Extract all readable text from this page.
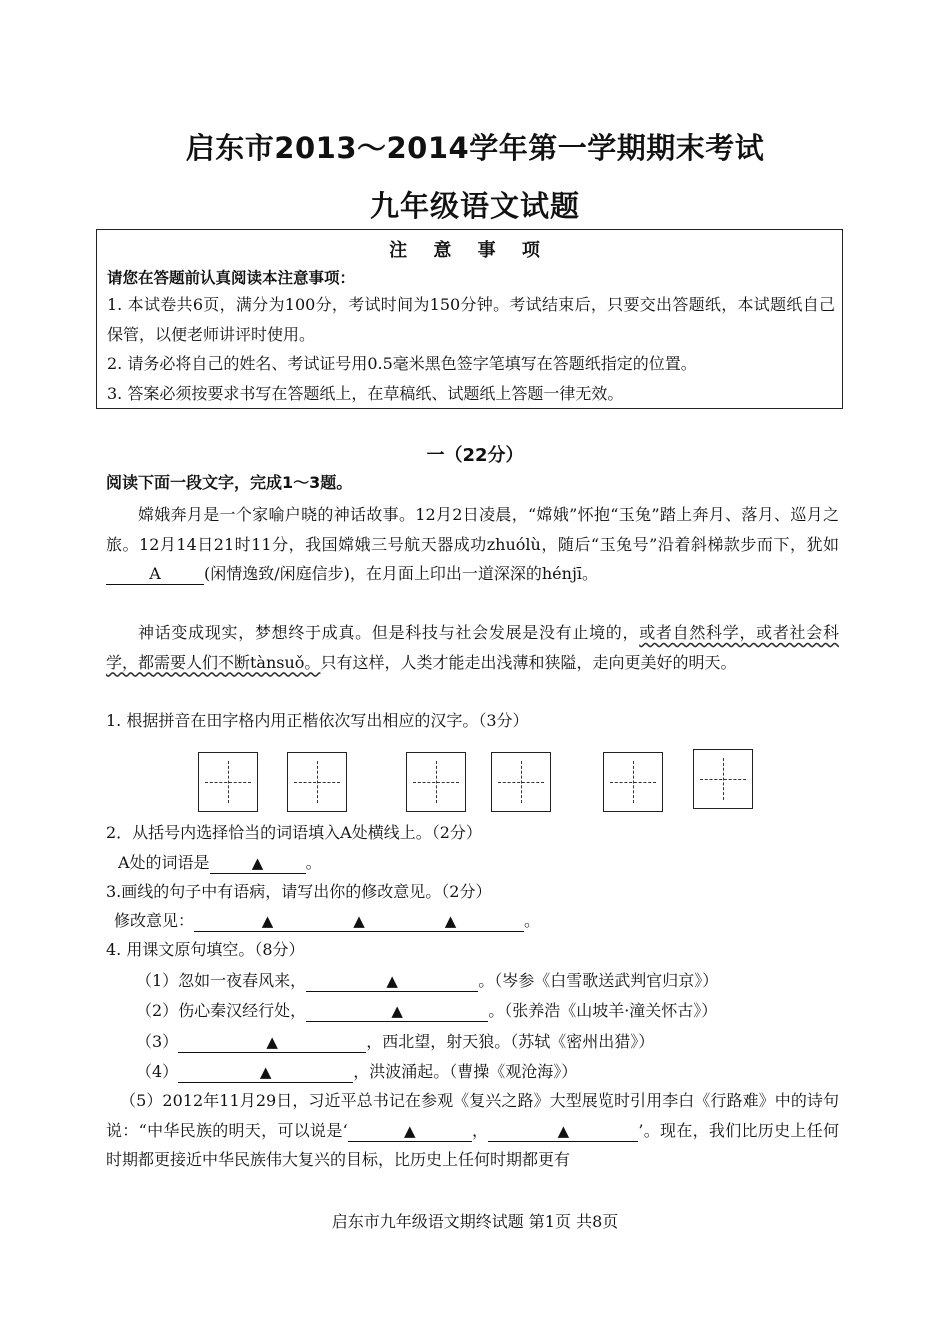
启东市2013～2014学年第一学期期末考试
九年级语文试题
注 意 事 项
请您在答题前认真阅读本注意事项：
1. 本试卷共6页，满分为100分，考试时间为150分钟。考试结束后，只要交出答题纸，本试题纸自己保管，以便老师讲评时使用。
2. 请务必将自己的姓名、考试证号用0.5毫米黑色签字笔填写在答题纸指定的位置。
3. 答案必须按要求书写在答题纸上，在草稿纸、试题纸上答题一律无效。
一（22分）
阅读下面一段文字，完成1～3题。
嫦娥奔月是一个家喻户晓的神话故事。12月2日凌晨，“嫦娥”怀抱“玉兔”踏上奔月、落月、巡月之旅。12月14日21时11分，我国嫦娥三号航天器成功zhuólù，随后“玉兔号”沿着斜梯款步而下，犹如A	(闲情逸致/闲庭信步)，在月面上印出一道深深的hénjī。
神话变成现实，梦想终于成真。但是科技与社会发展是没有止境的，或者自然科学，或者社会科学，都需要人们不断tànsuǒ。只有这样，人类才能走出浅薄和狭隘，走向更美好的明天。
1. 根据拼音在田字格内用正楷依次写出相应的汉字。（3分）
2．从括号内选择恰当的词语填入A处横线上。（2分）
A处的词语是	▲	。
3.画线的句子中有语病，请写出你的修改意见。（2分）
修改意见：	▲	▲	▲	。
4. 用课文原句填空。（8分）
（1）忽如一夜春风来，	▲	。（岑参《白雪歌送武判官归京》）
（2）伤心秦汉经行处，	▲	。（张养浩《山坡羊·潼关怀古》）
（3）	▲	，西北望，射天狼。（苏轼《密州出猎》）
（4）	▲	，洪波涌起。（曹操《观沧海》）
（5）2012年11月29日，习近平总书记在参观《复兴之路》大型展览时引用李白《行路难》中的诗句说：“中华民族的明天，可以说是‘	▲	，	▲	’。现在，我们比历史上任何时期都更接近中华民族伟大复兴的目标，比历史上任何时期都更有
启东市九年级语文期终试题 第1页 共8页
